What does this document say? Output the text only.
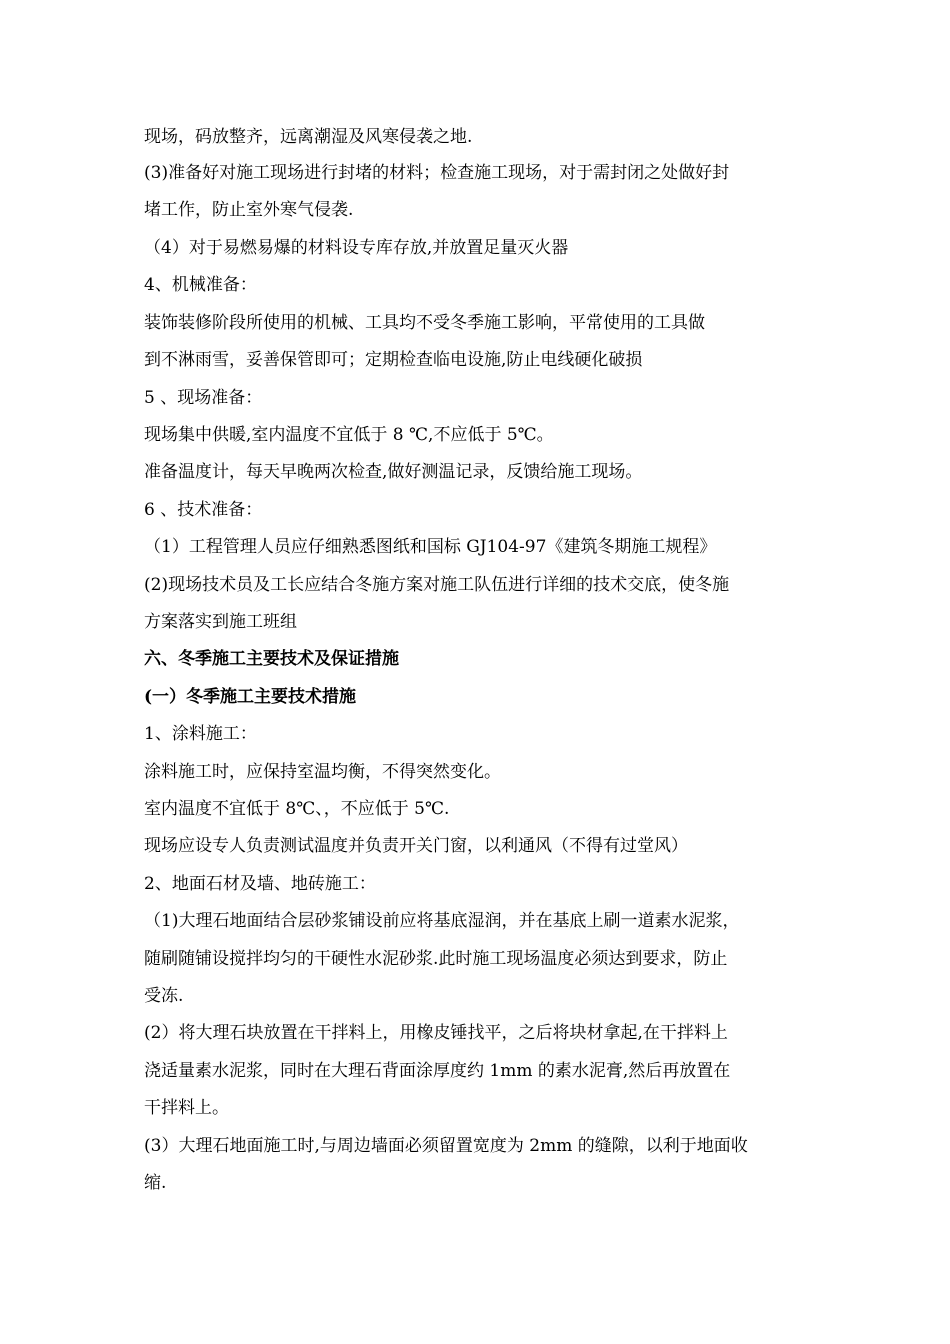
现场，码放整齐，远离潮湿及风寒侵袭之地.
(3)准备好对施工现场进行封堵的材料；检查施工现场，对于需封闭之处做好封
堵工作，防止室外寒气侵袭.
（4）对于易燃易爆的材料设专库存放,并放置足量灭火器
4、机械准备：
装饰装修阶段所使用的机械、工具均不受冬季施工影响，平常使用的工具做
到不淋雨雪，妥善保管即可；定期检查临电设施,防止电线硬化破损
5 、现场准备：
现场集中供暖,室内温度不宜低于 8 ℃,不应低于 5℃。
准备温度计，每天早晚两次检查,做好测温记录，反馈给施工现场。
6 、技术准备：
（1）工程管理人员应仔细熟悉图纸和国标 GJ104-97《建筑冬期施工规程》
(2)现场技术员及工长应结合冬施方案对施工队伍进行详细的技术交底，使冬施
方案落实到施工班组
六、冬季施工主要技术及保证措施
(一）冬季施工主要技术措施
1、涂料施工：
涂料施工时，应保持室温均衡，不得突然变化。
室内温度不宜低于 8℃、，不应低于 5℃.
现场应设专人负责测试温度并负责开关门窗，以利通风（不得有过堂风）
2、地面石材及墙、地砖施工：
（1)大理石地面结合层砂浆铺设前应将基底湿润，并在基底上刷一道素水泥浆，
随刷随铺设搅拌均匀的干硬性水泥砂浆.此时施工现场温度必须达到要求，防止
受冻.
(2）将大理石块放置在干拌料上，用橡皮锤找平，之后将块材拿起,在干拌料上
浇适量素水泥浆，同时在大理石背面涂厚度约 1mm 的素水泥膏,然后再放置在
干拌料上。
(3）大理石地面施工时,与周边墙面必须留置宽度为 2mm 的缝隙，以利于地面收
缩.
